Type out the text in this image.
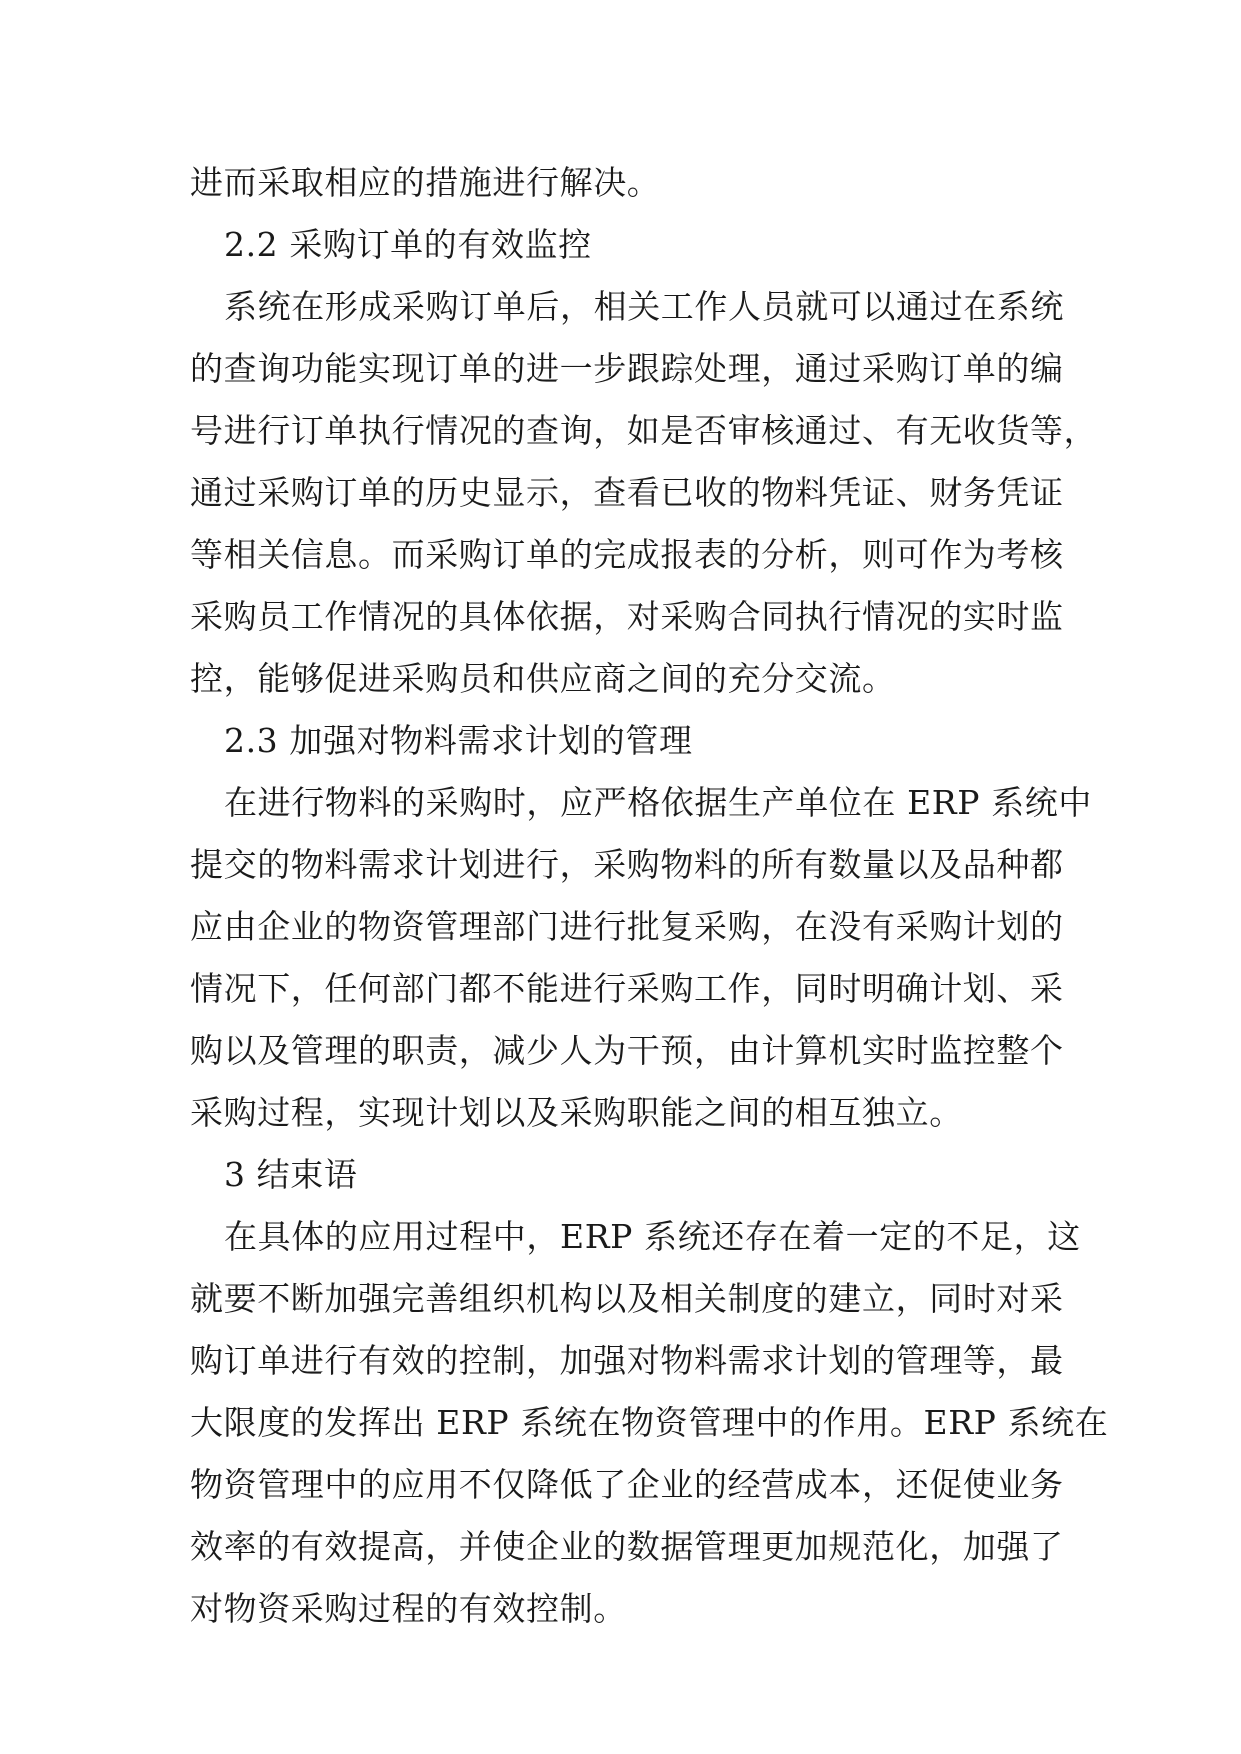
进而采取相应的措施进行解决。
2.2 采购订单的有效监控
系统在形成采购订单后，相关工作人员就可以通过在系统
的查询功能实现订单的进一步跟踪处理，通过采购订单的编
号进行订单执行情况的查询，如是否审核通过、有无收货等，
通过采购订单的历史显示，查看已收的物料凭证、财务凭证
等相关信息。而采购订单的完成报表的分析，则可作为考核
采购员工作情况的具体依据，对采购合同执行情况的实时监
控，能够促进采购员和供应商之间的充分交流。
2.3 加强对物料需求计划的管理
在进行物料的采购时，应严格依据生产单位在 ERP 系统中
提交的物料需求计划进行，采购物料的所有数量以及品种都
应由企业的物资管理部门进行批复采购，在没有采购计划的
情况下，任何部门都不能进行采购工作，同时明确计划、采
购以及管理的职责，减少人为干预，由计算机实时监控整个
采购过程，实现计划以及采购职能之间的相互独立。
3 结束语
在具体的应用过程中，ERP 系统还存在着一定的不足，这
就要不断加强完善组织机构以及相关制度的建立，同时对采
购订单进行有效的控制，加强对物料需求计划的管理等，最
大限度的发挥出 ERP 系统在物资管理中的作用。ERP 系统在
物资管理中的应用不仅降低了企业的经营成本，还促使业务
效率的有效提高，并使企业的数据管理更加规范化，加强了
对物资采购过程的有效控制。
